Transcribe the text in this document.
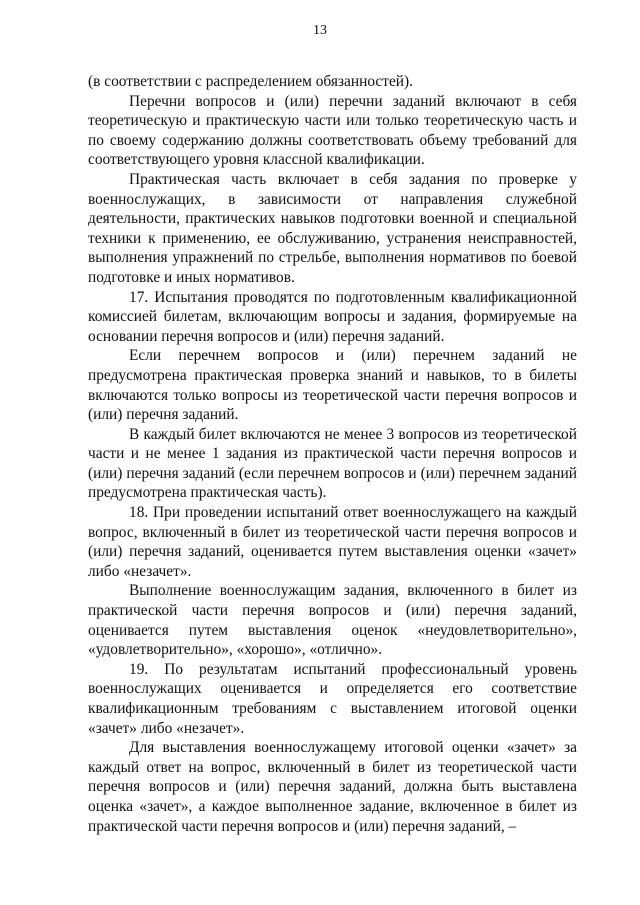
13

(в соответствии с распределением обязанностей).

Перечни вопросов и (или) перечни заданий включают в себя теоретическую и практическую части или только теоретическую часть и по своему содержанию должны соответствовать объему требований для соответствующего уровня классной квалификации.

Практическая часть включает в себя задания по проверке у военнослужащих, в зависимости от направления служебной деятельности, практических навыков подготовки военной и специальной техники к применению, ее обслуживанию, устранения неисправностей, выполнения упражнений по стрельбе, выполнения нормативов по боевой подготовке и иных нормативов.

17. Испытания проводятся по подготовленным квалификационной комиссией билетам, включающим вопросы и задания, формируемые на основании перечня вопросов и (или) перечня заданий.

Если перечнем вопросов и (или) перечнем заданий не предусмотрена практическая проверка знаний и навыков, то в билеты включаются только вопросы из теоретической части перечня вопросов и (или) перечня заданий.

В каждый билет включаются не менее 3 вопросов из теоретической части и не менее 1 задания из практической части перечня вопросов и (или) перечня заданий (если перечнем вопросов и (или) перечнем заданий предусмотрена практическая часть).

18. При проведении испытаний ответ военнослужащего на каждый вопрос, включенный в билет из теоретической части перечня вопросов и (или) перечня заданий, оценивается путем выставления оценки «зачет» либо «незачет».

Выполнение военнослужащим задания, включенного в билет из практической части перечня вопросов и (или) перечня заданий, оценивается путем выставления оценок «неудовлетворительно», «удовлетворительно», «хорошо», «отлично».

19. По результатам испытаний профессиональный уровень военнослужащих оценивается и определяется его соответствие квалификационным требованиям с выставлением итоговой оценки «зачет» либо «незачет».

Для выставления военнослужащему итоговой оценки «зачет» за каждый ответ на вопрос, включенный в билет из теоретической части перечня вопросов и (или) перечня заданий, должна быть выставлена оценка «зачет», а каждое выполненное задание, включенное в билет из практической части перечня вопросов и (или) перечня заданий, –
